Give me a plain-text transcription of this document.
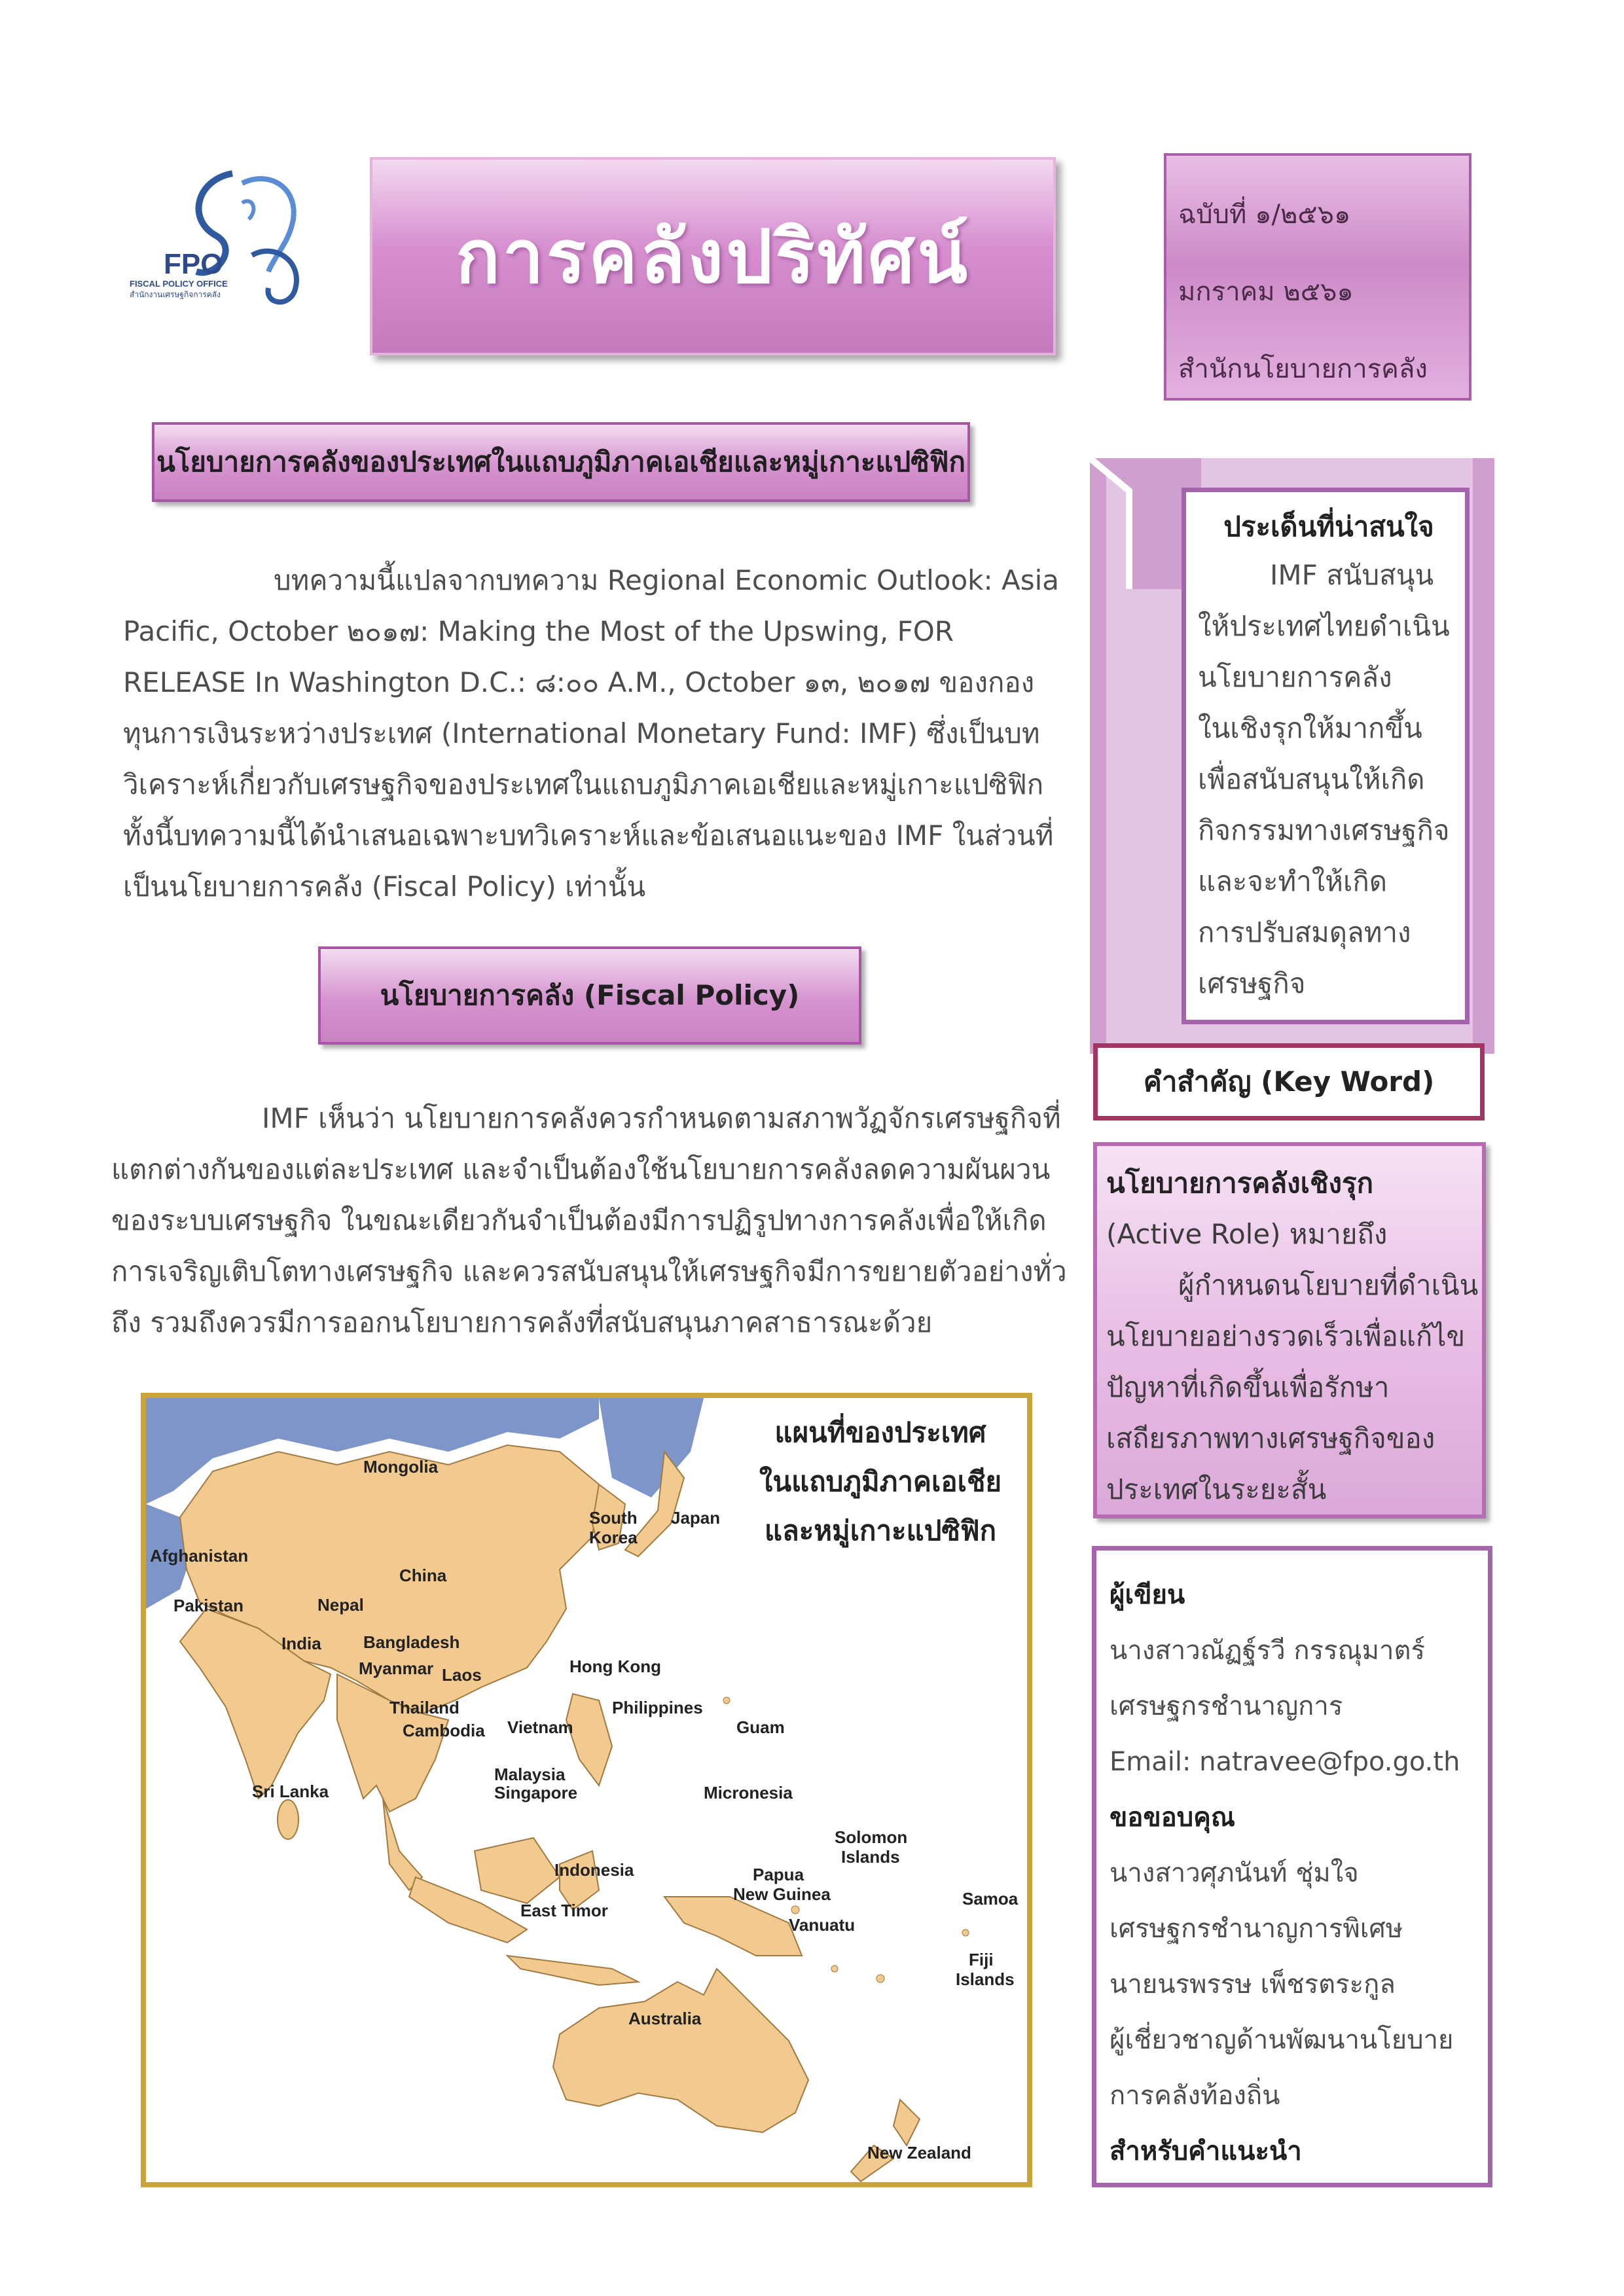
FPO
FISCAL POLICY OFFICE
สำนักงานเศรษฐกิจการคลัง	การคลังปริทัศน์	ฉบับที่ ๑/๒๕๖๑
มกราคม ๒๕๖๑
สำนักนโยบายการคลัง
นโยบายการคลังของประเทศในแถบภูมิภาคเอเชียและหมู่เกาะแปซิฟิก
บทความนี้แปลจากบทความ Regional Economic Outlook: Asia Pacific, October ๒๐๑๗: Making the Most of the Upswing, FOR RELEASE In Washington D.C.: ๘:๐๐ A.M., October ๑๓, ๒๐๑๗ ของกองทุนการเงินระหว่างประเทศ (International Monetary Fund: IMF) ซึ่งเป็นบทวิเคราะห์เกี่ยวกับเศรษฐกิจของประเทศในแถบภูมิภาคเอเชียและหมู่เกาะแปซิฟิก ทั้งนี้บทความนี้ได้นำเสนอเฉพาะบทวิเคราะห์และข้อเสนอแนะของ IMF ในส่วนที่เป็นนโยบายการคลัง (Fiscal Policy) เท่านั้น
นโยบายการคลัง (Fiscal Policy)
IMF เห็นว่า นโยบายการคลังควรกำหนดตามสภาพวัฏจักรเศรษฐกิจที่แตกต่างกันของแต่ละประเทศ และจำเป็นต้องใช้นโยบายการคลังลดความผันผวนของระบบเศรษฐกิจ ในขณะเดียวกันจำเป็นต้องมีการปฏิรูปทางการคลังเพื่อให้เกิดการเจริญเติบโตทางเศรษฐกิจ และควรสนับสนุนให้เศรษฐกิจมีการขยายตัวอย่างทั่วถึง รวมถึงควรมีการออกนโยบายการคลังที่สนับสนุนภาคสาธารณะด้วย
ประเด็นที่น่าสนใจ
IMF สนับสนุน
ให้ประเทศไทยดำเนิน
นโยบายการคลัง
ในเชิงรุกให้มากขึ้น
เพื่อสนับสนุนให้เกิด
กิจกรรมทางเศรษฐกิจ
และจะทำให้เกิด
การปรับสมดุลทาง
เศรษฐกิจ
คำสำคัญ (Key Word)
นโยบายการคลังเชิงรุก
(Active Role) หมายถึง
ผู้กำหนดนโยบายที่ดำเนิน
นโยบายอย่างรวดเร็วเพื่อแก้ไข
ปัญหาที่เกิดขึ้นเพื่อรักษา
เสถียรภาพทางเศรษฐกิจของ
ประเทศในระยะสั้น
ผู้เขียน
นางสาวณัฏฐ์รวี กรรณุมาตร์
เศรษฐกรชำนาญการ
Email: natravee@fpo.go.th
ขอขอบคุณ
นางสาวศุภนันท์ ชุ่มใจ
เศรษฐกรชำนาญการพิเศษ
นายนรพรรษ เพ็ชรตระกูล
ผู้เชี่ยวชาญด้านพัฒนานโยบาย
การคลังท้องถิ่น
สำหรับคำแนะนำ
แผนที่ของประเทศ
ในแถบภูมิภาคเอเชีย
และหมู่เกาะแปซิฟิก
Mongolia
China
Afghanistan
Pakistan	Nepal
India Bangladesh
Myanmar Laos
Thailand
Cambodia Vietnam
Sri Lanka
Malaysia
Singapore
South
Korea
Japan
Hong Kong
Philippines
Guam
Micronesia
Indonesia
East Timor
Papua
New Guinea
Solomon
Islands
Samoa
Vanuatu
Fiji
Islands
Australia
New Zealand
